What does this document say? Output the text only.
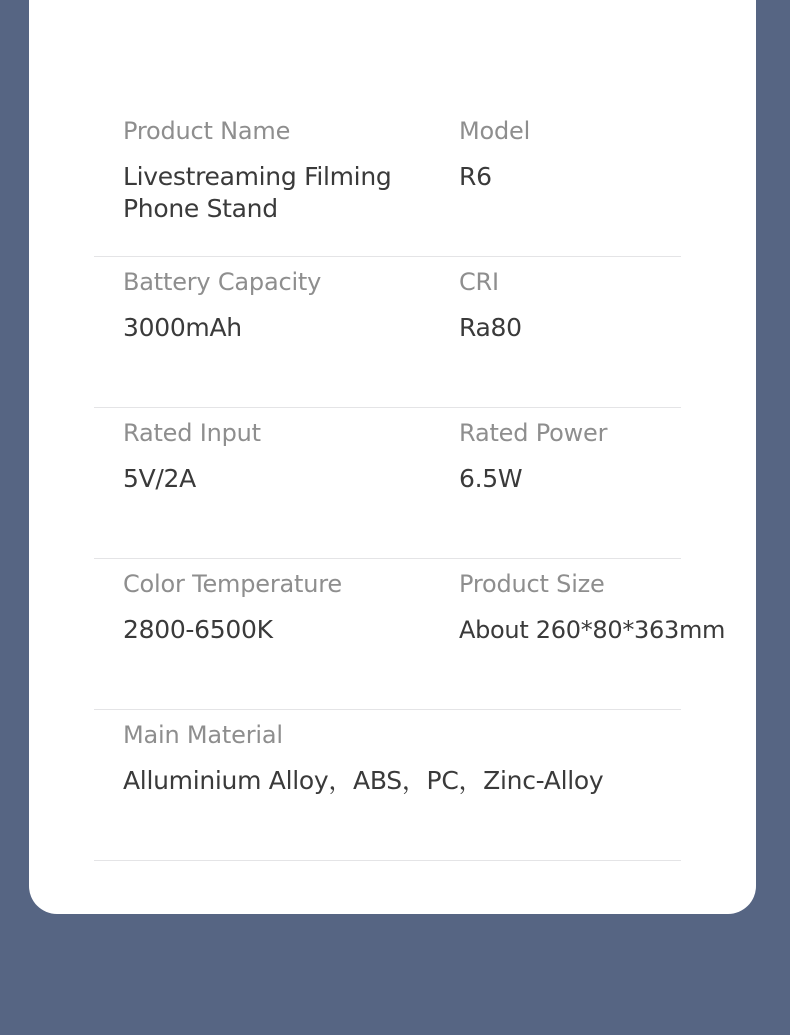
Product Name
Livestreaming Filming Phone Stand
Model
R6
Battery Capacity
3000mAh
CRI
Ra80
Rated Input
5V/2A
Rated Power
6.5W
Color Temperature
2800-6500K
Product Size
About 260*80*363mm
Main Material
Alluminium Alloy，ABS，PC，Zinc-Alloy
